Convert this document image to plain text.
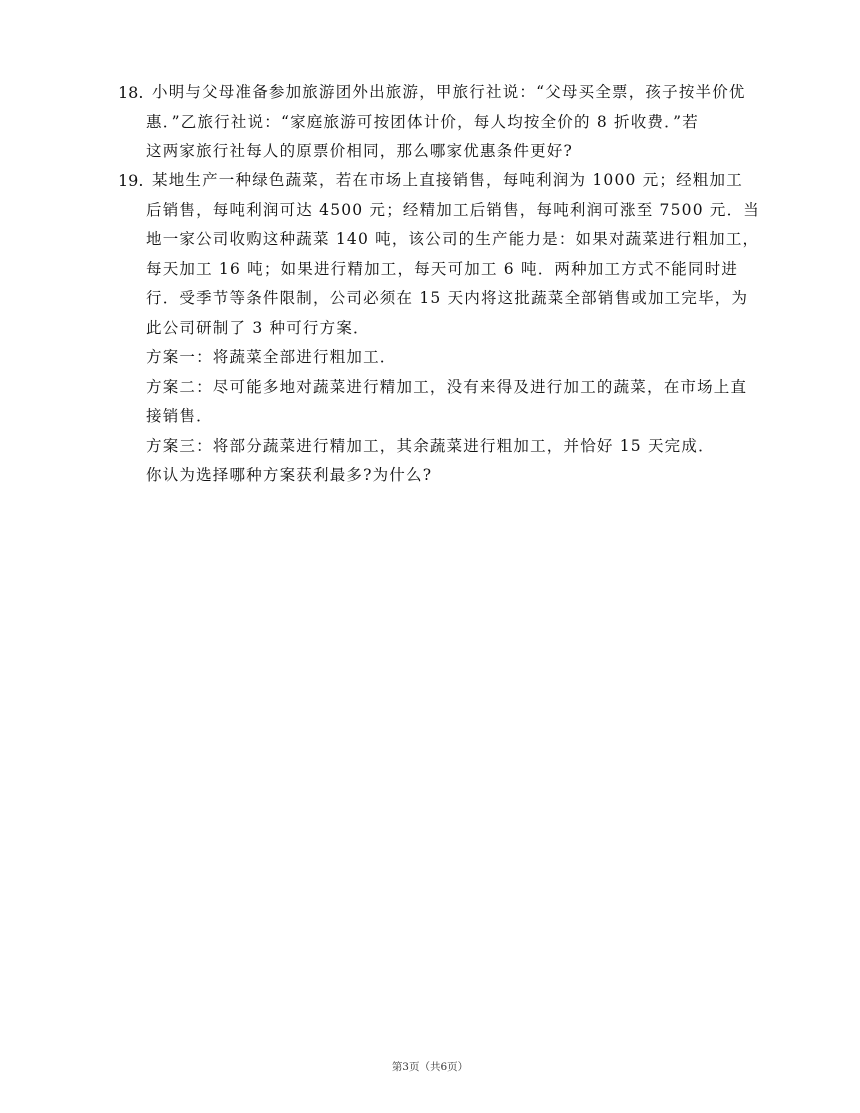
18. 小明与父母准备参加旅游团外出旅游，甲旅行社说：“父母买全票，孩子按半价优
惠．”乙旅行社说：“家庭旅游可按团体计价，每人均按全价的 8 折收费．”若
这两家旅行社每人的原票价相同，那么哪家优惠条件更好?
19. 某地生产一种绿色蔬菜，若在市场上直接销售，每吨利润为 1000 元；经粗加工
后销售，每吨利润可达 4500 元；经精加工后销售，每吨利润可涨至 7500 元．当
地一家公司收购这种蔬菜 140 吨，该公司的生产能力是：如果对蔬菜进行粗加工，
每天加工 16 吨；如果进行精加工，每天可加工 6 吨．两种加工方式不能同时进
行．受季节等条件限制，公司必须在 15 天内将这批蔬菜全部销售或加工完毕，为
此公司研制了 3 种可行方案．
方案一：将蔬菜全部进行粗加工．
方案二：尽可能多地对蔬菜进行精加工，没有来得及进行加工的蔬菜，在市场上直
接销售．
方案三：将部分蔬菜进行精加工，其余蔬菜进行粗加工，并恰好 15 天完成．
你认为选择哪种方案获利最多?为什么?
第3页（共6页）
